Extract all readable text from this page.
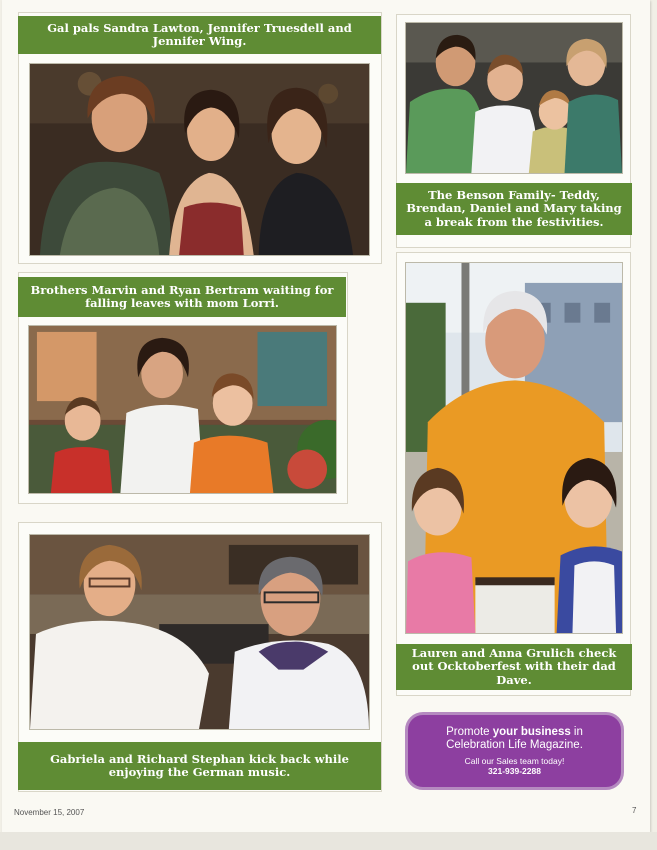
Gal pals Sandra Lawton, Jennifer Truesdell and Jennifer Wing.
The Benson Family- Teddy, Brendan, Daniel and Mary taking a break from the festivities.
Brothers Marvin and Ryan Bertram waiting for falling leaves with mom Lorri.
Lauren and Anna Grulich check out Ocktoberfest with their dad Dave.
Gabriela and Richard Stephan kick back while enjoying the German music.
Promote your business in
Celebration Life Magazine.
Call our Sales team today!
321-939-2288
November 15, 2007	7
